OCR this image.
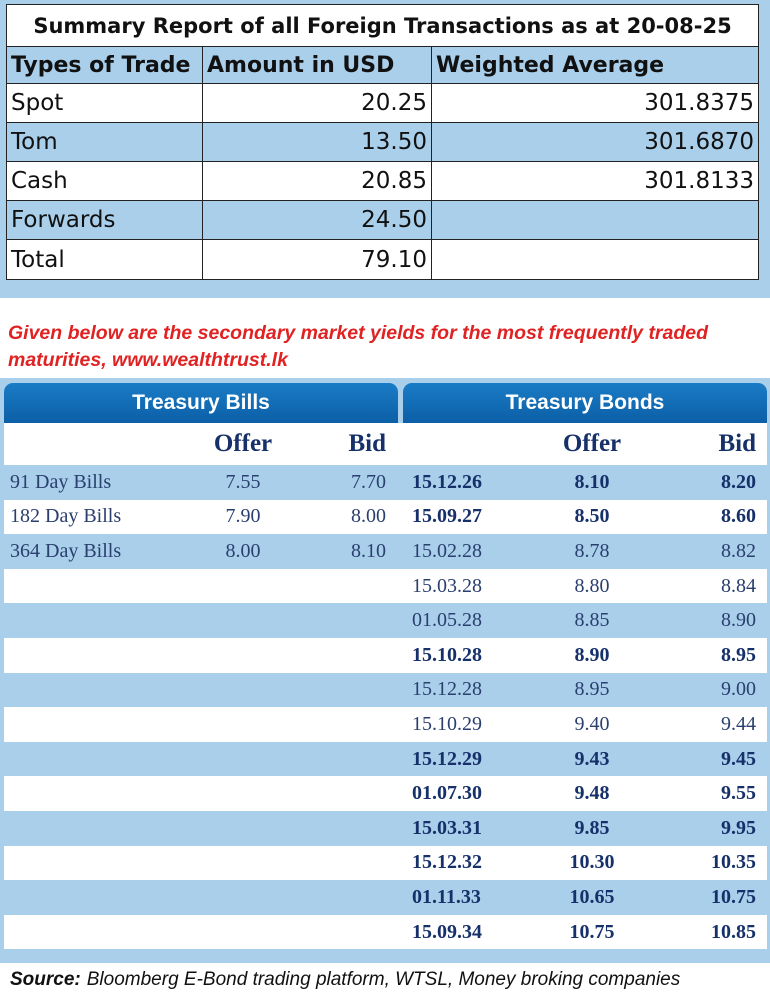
Summary Report of all Foreign Transactions as at 20-08-25		
Types of Trade	Amount in USD	Weighted Average
Spot	20.25	301.8375
Tom	13.50	301.6870
Cash	20.85	301.8133
Forwards	24.50	
Total	79.10	
Given below are the secondary market yields for the most frequently traded maturities, www.wealthtrust.lk
Treasury Bills	Treasury Bonds
Offer	Bid	Offer	Bid
91 Day Bills	7.55	7.70 15.12.26	8.10	8.20
182 Day Bills	7.90	8.00 15.09.27	8.50	8.60
364 Day Bills	8.00	8.10 15.02.28	8.78	8.82
15.03.28	8.80	8.84
01.05.28	8.85	8.90
15.10.28	8.90	8.95
15.12.28	8.95	9.00
15.10.29	9.40	9.44
15.12.29	9.43	9.45
01.07.30	9.48	9.55
15.03.31	9.85	9.95
15.12.32	10.30	10.35
01.11.33	10.65	10.75
15.09.34	10.75	10.85
Source: Bloomberg E-Bond trading platform, WTSL, Money broking companies
